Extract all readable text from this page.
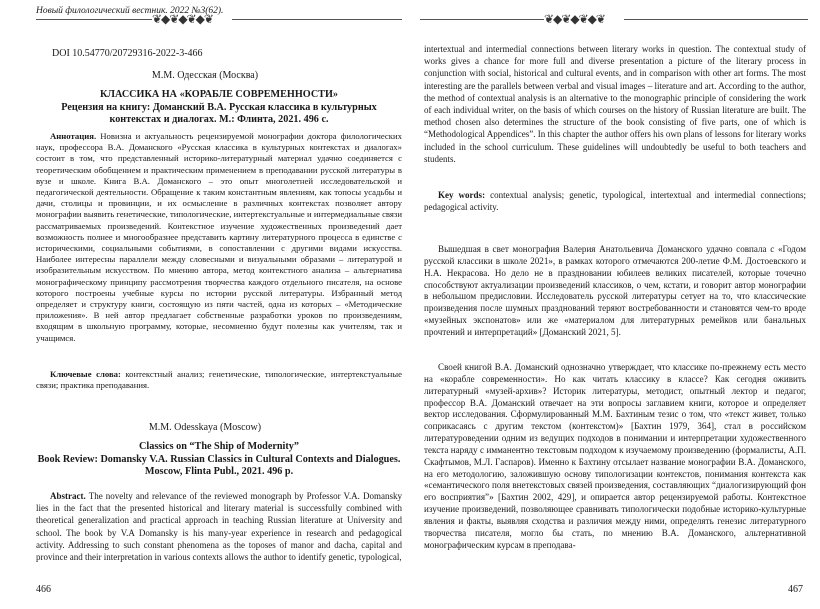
Новый филологический вестник. 2022 №3(62).
❦◆❦◆❦◆❦
DOI 10.54770/20729316-2022-3-466
М.М. Одесская (Москва)
КЛАССИКА НА «КОРАБЛЕ СОВРЕМЕННОСТИ»
Рецензия на книгу: Доманский В.А. Русская классика в культурных контекстах и диалогах. М.: Флинта, 2021. 496 с.

Аннотация. Новизна и актуальность рецензируемой монографии доктора филологических наук, профессора В.А. Доманского «Русская классика в культурных контекстах и диалогах» состоит в том, что представленный историко-литературный материал удачно соединяется с теоретическим обобщением и практическим применением в преподавании русской литературы в вузе и школе. Книга В.А. Доманского – это опыт многолетней исследовательской и педагогической деятельности. Обращение к таким константным явлениям, как топосы усадьбы и дачи, столицы и провинции, и их осмысление в различных контекстах позволяет автору монографии выявить генетические, типологические, интертекстуальные и интермедиальные связи рассматриваемых произведений. Контекстное изучение художественных произведений дает возможность полнее и многообразнее представить картину литературного процесса в единстве с историческими, социальными событиями, в сопоставлении с другими видами искусства. Наиболее интересны параллели между словесными и визуальными образами – литературой и изобразительным искусством. По мнению автора, метод контекстного анализа – альтернатива монографическому принципу рассмотрения творчества каждого отдельного писателя, на основе которого построены учебные курсы по истории русской литературы. Избранный метод определяет и структуру книги, состоящую из пяти частей, одна из которых – «Методические приложения». В ней автор предлагает собственные разработки уроков по произведениям, входящим в школьную программу, которые, несомненно будут полезны как учителям, так и учащимся.

Ключевые слова: контекстный анализ; генетические, типологические, интертекстуальные связи; практика преподавания.

M.M. Odesskaya (Moscow)
Classics on “The Ship of Modernity”
Book Review: Domansky V.A. Russian Classics in Cultural Contexts and Dialogues. Moscow, Flinta Publ., 2021. 496 p.

Abstract. The novelty and relevance of the reviewed monograph by Professor V.A. Domansky lies in the fact that the presented historical and literary material is successfully combined with theoretical generalization and practical approach in teaching Russian literature at University and school. The book by V.A Domansky is his many-year experience in research and pedagogical activity. Addressing to such constant phenomena as the toposes of manor and dacha, capital and province and their interpretation in various contexts allows the author to identify genetic, typological,

466
❦◆❦◆❦◆❦

intertextual and intermedial connections between literary works in question. The contextual study of works gives a chance for more full and diverse presentation a picture of the literary process in conjunction with social, historical and cultural events, and in comparison with other art forms. The most interesting are the parallels between verbal and visual images – literature and art. According to the author, the method of contextual analysis is an alternative to the monographic principle of considering the work of each individual writer, on the basis of which courses on the history of Russian literature are built. The method chosen also determines the structure of the book consisting of five parts, one of which is “Methodological Appendices”. In this chapter the author offers his own plans of lessons for literary works included in the school curriculum. These guidelines will undoubtedly be useful to both teachers and students.

Key words: contextual analysis; genetic, typological, intertextual and intermedial connections; pedagogical activity.

Вышедшая в свет монография Валерия Анатольевича Доманского удачно совпала с «Годом русской классики в школе 2021», в рамках которого отмечаются 200-летие Ф.М. Достоевского и Н.А. Некрасова. Но дело не в праздновании юбилеев великих писателей, которые точечно способствуют актуализации произведений классиков, о чем, кстати, и говорит автор монографии в небольшом предисловии. Исследователь русской литературы сетует на то, что классические произведения после шумных празднований теряют востребованности и становятся чем-то вроде «музейных экспонатов» или же «материалом для литературных ремейков или банальных прочтений и интерпретаций» [Доманский 2021, 5].

Своей книгой В.А. Доманский однозначно утверждает, что классике по-прежнему есть место на «корабле современности». Но как читать классику в классе? Как сегодня оживить литературный «музей-архив»? Историк литературы, методист, опытный лектор и педагог, профессор В.А. Доманский отвечает на эти вопросы заглавием книги, которое и определяет вектор исследования. Сформулированный М.М. Бахтиным тезис о том, что «текст живет, только соприкасаясь с другим текстом (контекстом)» [Бахтин 1979, 364], стал в российском литературоведении одним из ведущих подходов в понимании и интерпретации художественного текста наряду с имманентно текстовым подходом к изучаемому произведению (формалисты, А.П. Скафтымов, М.Л. Гаспаров). Именно к Бахтину отсылает название монографии В.А. Доманского, на его методологию, заложившую основу типологизации контекстов, понимания контекста как «семантического поля внетекстовых связей произведения, составляющих “диалогизирующий фон его восприятия”» [Бахтин 2002, 429], и опирается автор рецензируемой работы. Контекстное изучение произведений, позволяющее сравнивать типологически подобные историко-культурные явления и факты, выявляя сходства и различия между ними, определять генезис литературного творчества писателя, могло бы стать, по мнению В.А. Доманского, альтернативной монографическим курсам в преподава-

467
